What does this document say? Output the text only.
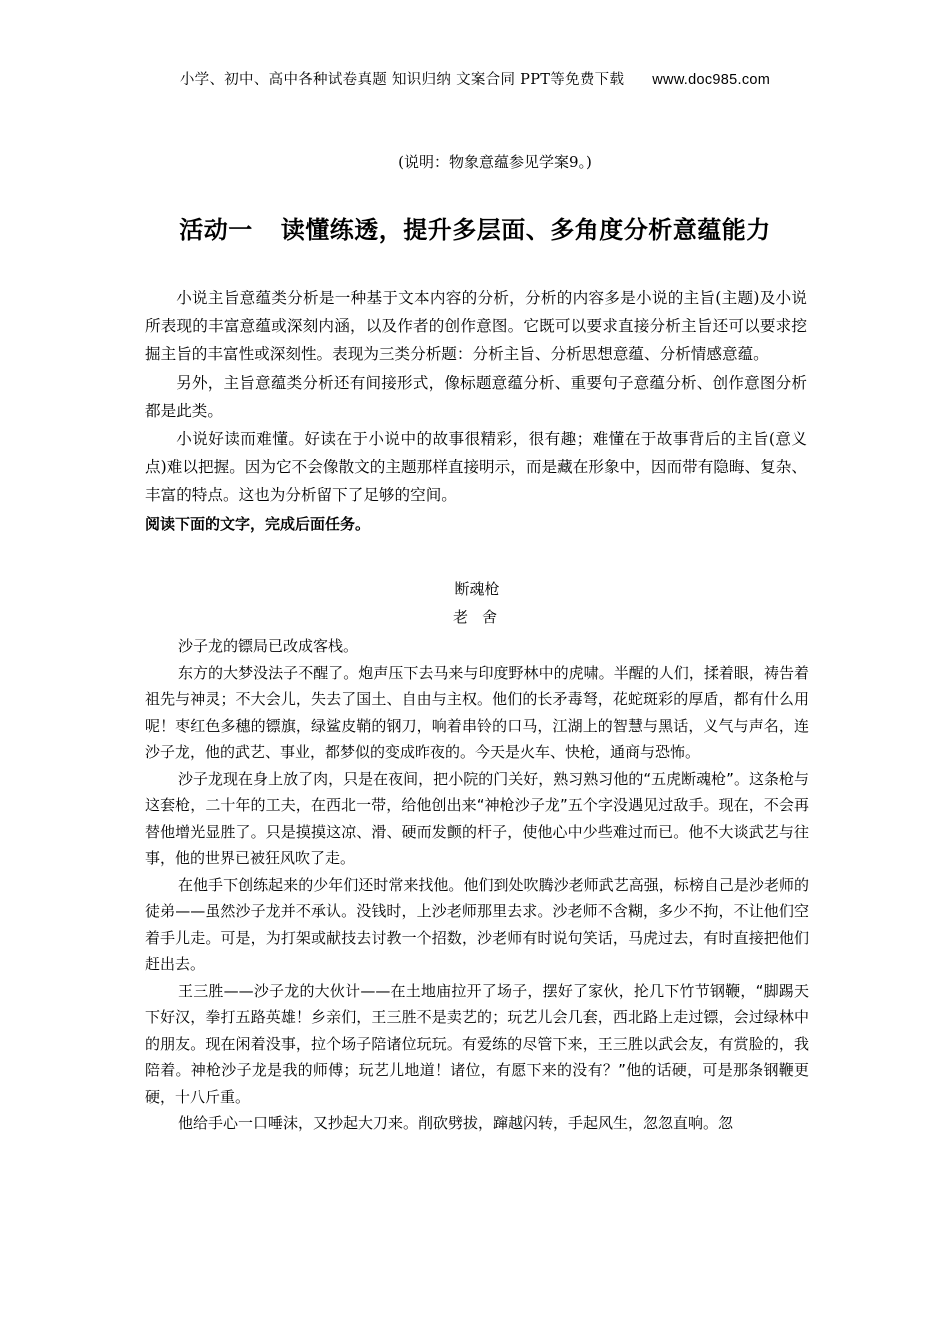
小学、初中、高中各种试卷真题 知识归纳 文案合同 PPT等免费下载 www.doc985.com
(说明：物象意蕴参见学案9。)
活动一 读懂练透，提升多层面、多角度分析意蕴能力

小说主旨意蕴类分析是一种基于文本内容的分析，分析的内容多是小说的主旨(主题)及小说所表现的丰富意蕴或深刻内涵，以及作者的创作意图。它既可以要求直接分析主旨还可以要求挖掘主旨的丰富性或深刻性。表现为三类分析题：分析主旨、分析思想意蕴、分析情感意蕴。

另外，主旨意蕴类分析还有间接形式，像标题意蕴分析、重要句子意蕴分析、创作意图分析都是此类。

小说好读而难懂。好读在于小说中的故事很精彩，很有趣；难懂在于故事背后的主旨(意义点)难以把握。因为它不会像散文的主题那样直接明示，而是藏在形象中，因而带有隐晦、复杂、丰富的特点。这也为分析留下了足够的空间。

阅读下面的文字，完成后面任务。

断魂枪
老舍

沙子龙的镖局已改成客栈。

东方的大梦没法子不醒了。炮声压下去马来与印度野林中的虎啸。半醒的人们，揉着眼，祷告着祖先与神灵；不大会儿，失去了国土、自由与主权。他们的长矛毒弩，花蛇斑彩的厚盾，都有什么用呢！枣红色多穗的镖旗，绿鲨皮鞘的钢刀，响着串铃的口马，江湖上的智慧与黑话，义气与声名，连沙子龙，他的武艺、事业，都梦似的变成昨夜的。今天是火车、快枪，通商与恐怖。

沙子龙现在身上放了肉，只是在夜间，把小院的门关好，熟习熟习他的“五虎断魂枪”。这条枪与这套枪，二十年的工夫，在西北一带，给他创出来“神枪沙子龙”五个字没遇见过敌手。现在，不会再替他增光显胜了。只是摸摸这凉、滑、硬而发颤的杆子，使他心中少些难过而已。他不大谈武艺与往事，他的世界已被狂风吹了走。

在他手下创练起来的少年们还时常来找他。他们到处吹腾沙老师武艺高强，标榜自己是沙老师的徒弟——虽然沙子龙并不承认。没钱时，上沙老师那里去求。沙老师不含糊，多少不拘，不让他们空着手儿走。可是，为打架或献技去讨教一个招数，沙老师有时说句笑话，马虎过去，有时直接把他们赶出去。

王三胜——沙子龙的大伙计——在土地庙拉开了场子，摆好了家伙，抡几下竹节钢鞭，“脚踢天下好汉，拳打五路英雄！乡亲们，王三胜不是卖艺的；玩艺儿会几套，西北路上走过镖，会过绿林中的朋友。现在闲着没事，拉个场子陪诸位玩玩。有爱练的尽管下来，王三胜以武会友，有赏脸的，我陪着。神枪沙子龙是我的师傅；玩艺儿地道！诸位，有愿下来的没有？”他的话硬，可是那条钢鞭更硬，十八斤重。

他给手心一口唾沫，又抄起大刀来。削砍劈拔，蹿越闪转，手起风生，忽忽直响。忽
